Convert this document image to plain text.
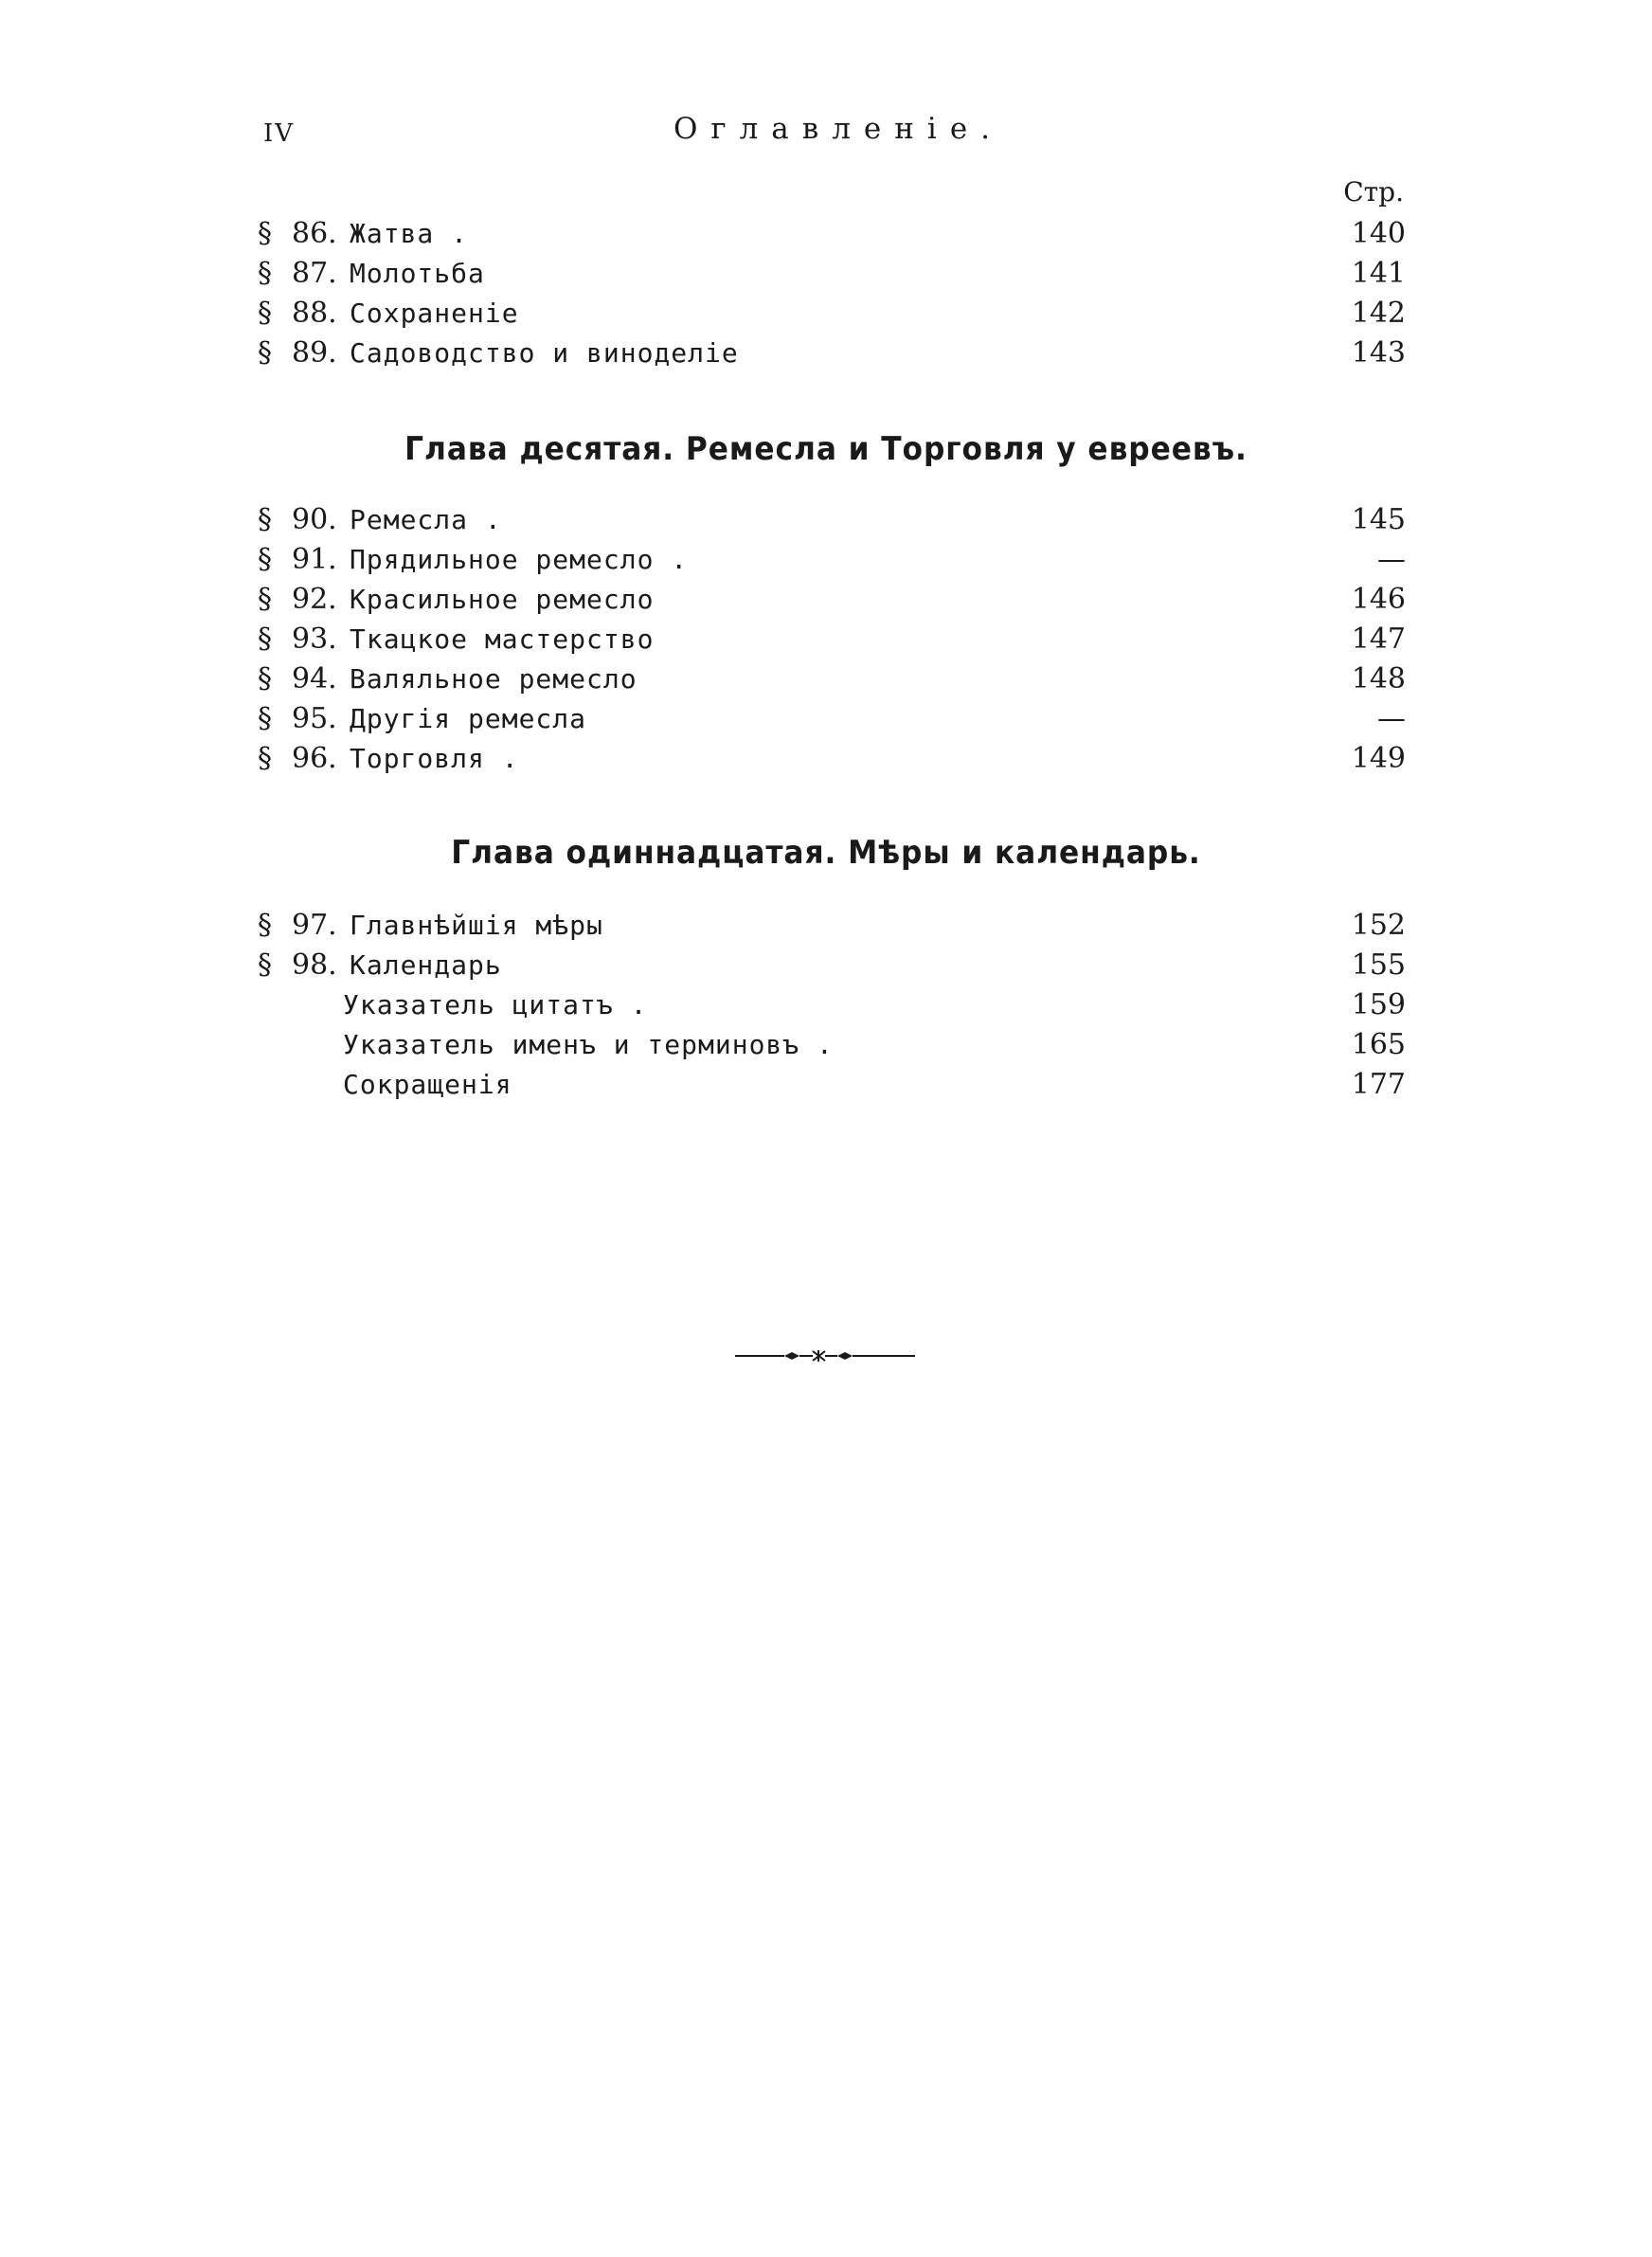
IV	Оглавленіе.
Стр.
§ 86. Жатва .	140
§ 87. Молотьба	141
§ 88. Сохраненіе	142
§ 89. Садоводство и виноделіе	143
Глава десятая. Ремесла и Торговля у евреевъ.
§ 90. Ремесла .	145
§ 91. Прядильное ремесло .	—
§ 92. Красильное ремесло	146
§ 93. Ткацкое мастерство	147
§ 94. Валяльное ремесло	148
§ 95. Другія ремесла	—
§ 96. Торговля .	149
Глава одиннадцатая. Мѣры и календарь.
§ 97. Главнѣйшія мѣры	152
§ 98. Календарь	155
Указатель цитатъ .	159
Указатель именъ и терминовъ .	165
Сокращенія	177
